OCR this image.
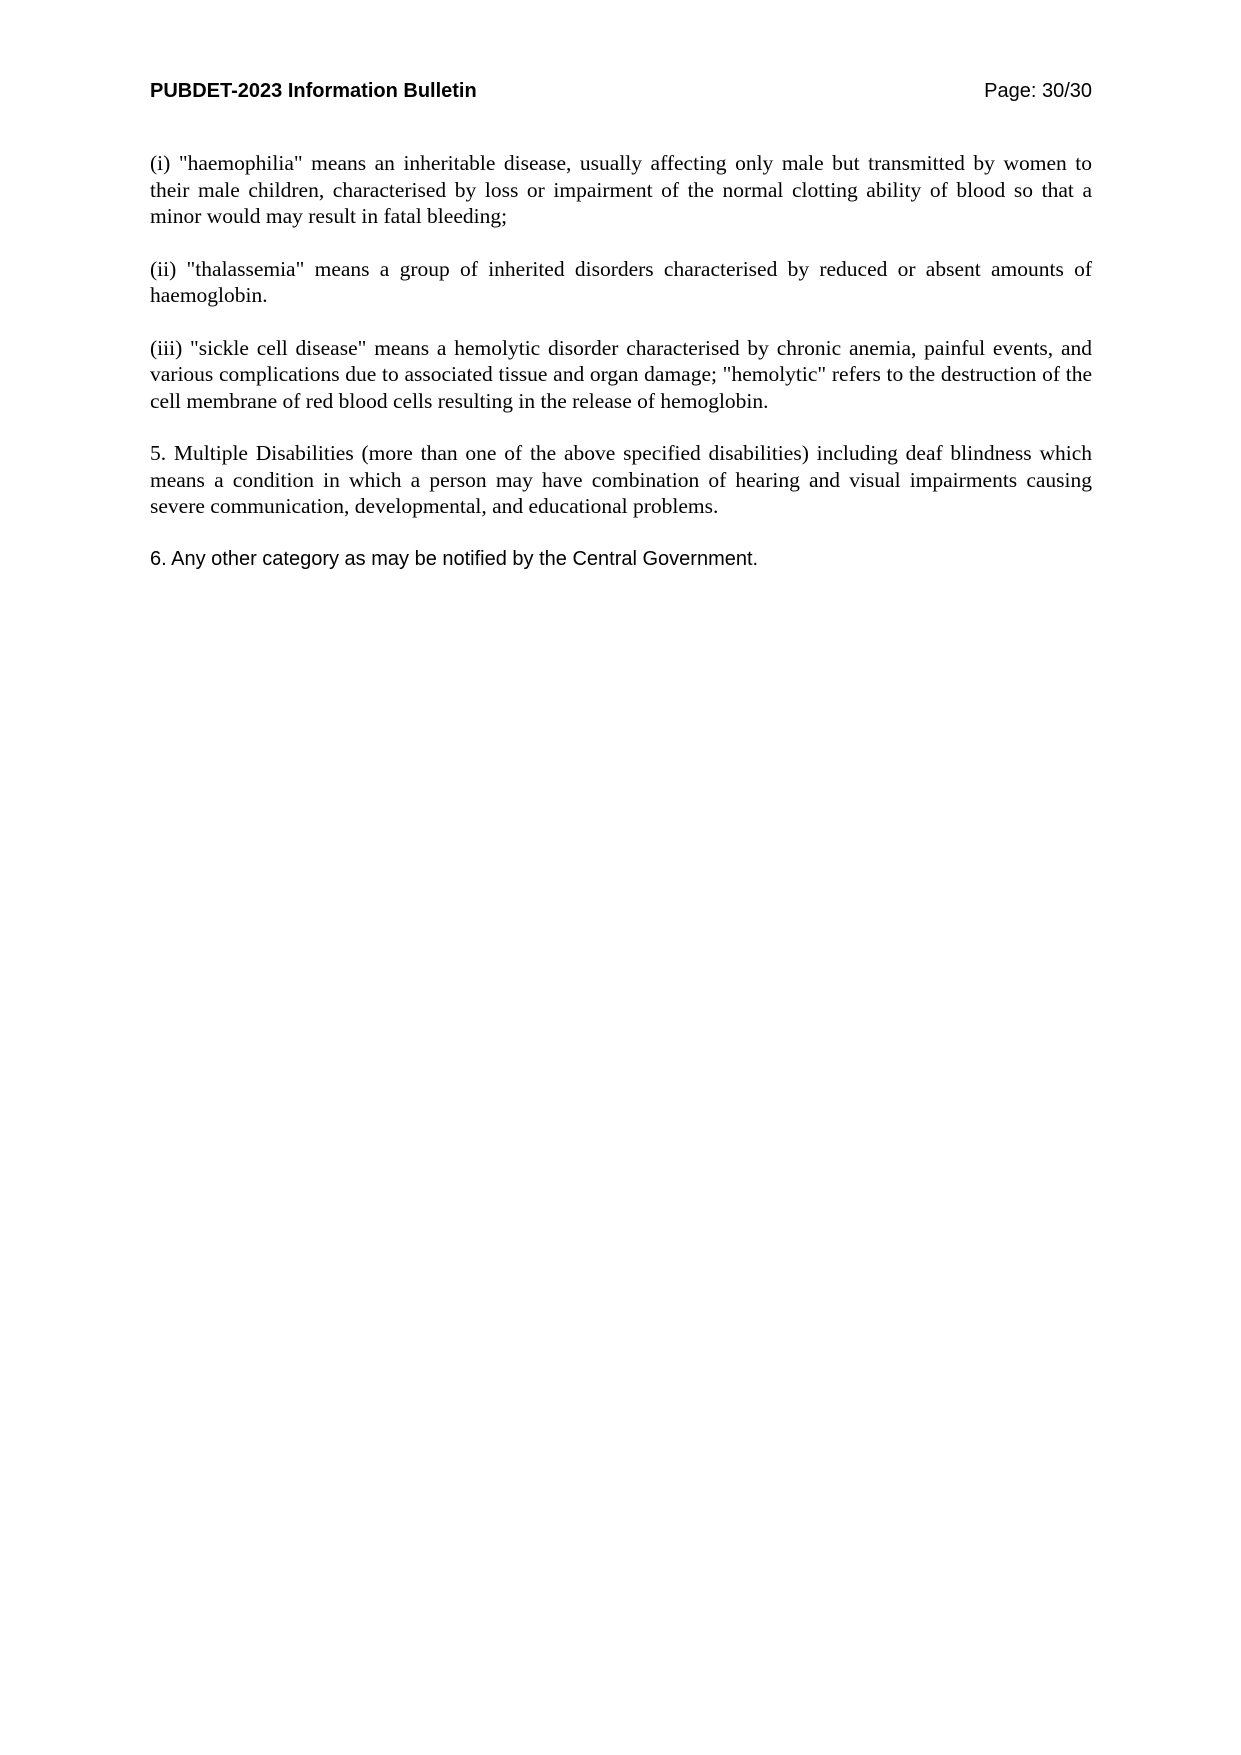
PUBDET-2023 Information Bulletin	Page: 30/30

(i) "haemophilia" means an inheritable disease, usually affecting only male but transmitted by women to their male children, characterised by loss or impairment of the normal clotting ability of blood so that a minor would may result in fatal bleeding;

(ii) "thalassemia" means a group of inherited disorders characterised by reduced or absent amounts of haemoglobin.

(iii) "sickle cell disease" means a hemolytic disorder characterised by chronic anemia, painful events, and various complications due to associated tissue and organ damage; "hemolytic" refers to the destruction of the cell membrane of red blood cells resulting in the release of hemoglobin.

5. Multiple Disabilities (more than one of the above specified disabilities) including deaf blindness which means a condition in which a person may have combination of hearing and visual impairments causing severe communication, developmental, and educational problems.

6. Any other category as may be notified by the Central Government.
